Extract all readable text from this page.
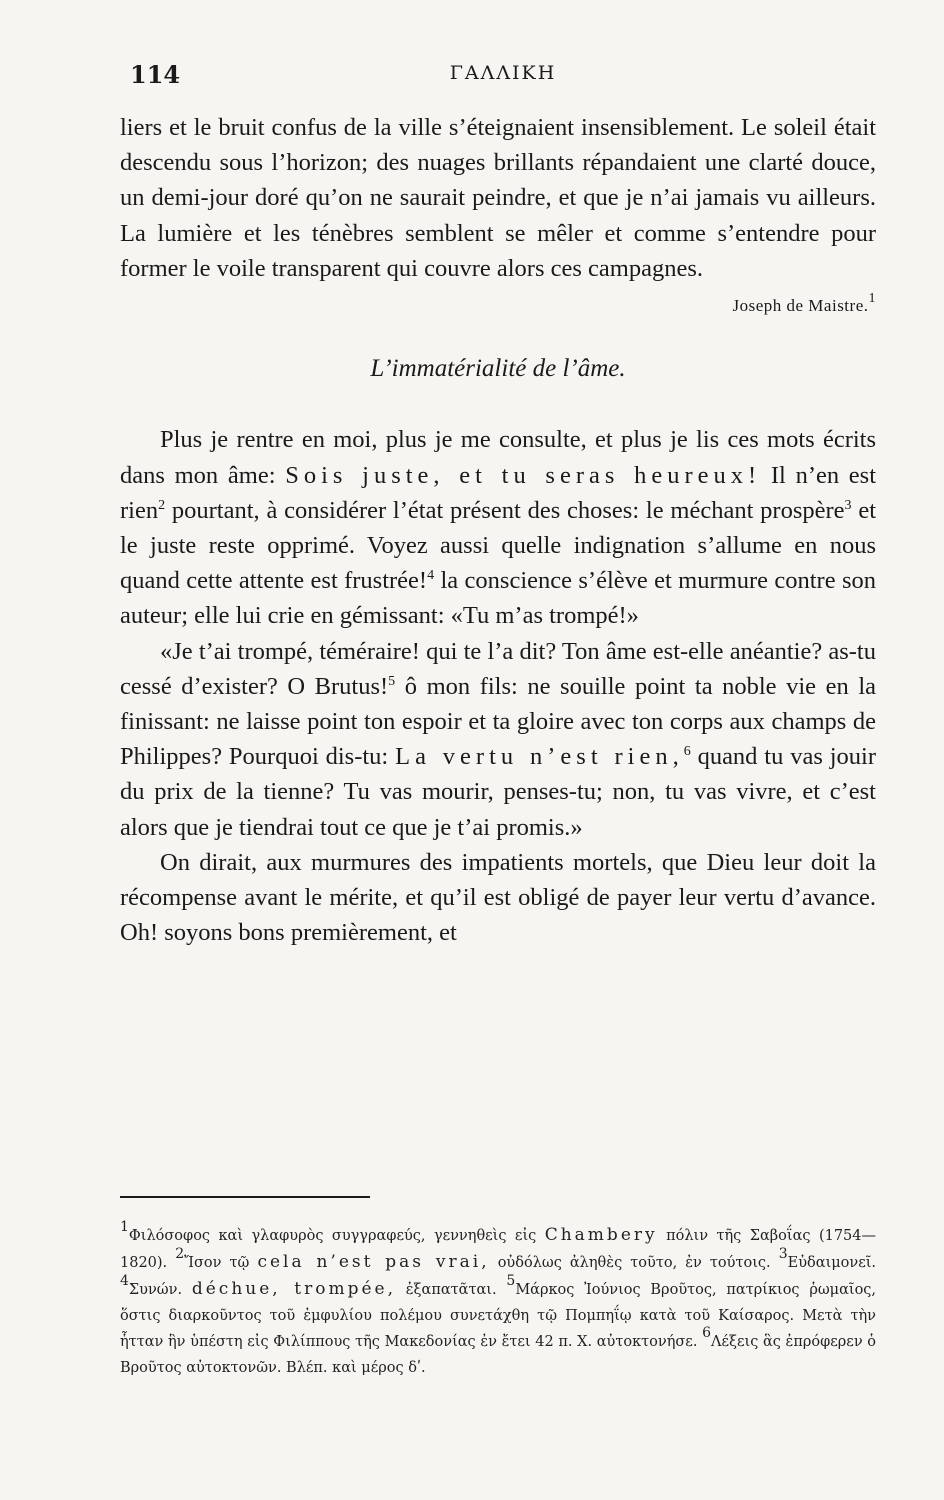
114	ΓΑΛΛΙΚΗ

liers et le bruit confus de la ville s’éteignaient insensiblement. Le soleil était descendu sous l’horizon; des nuages brillants répandaient une clarté douce, un demi-jour doré qu’on ne saurait peindre, et que je n’ai jamais vu ailleurs. La lumière et les ténèbres semblent se mêler et comme s’entendre pour former le voile transparent qui couvre alors ces campagnes.

Joseph de Maistre.$^1$

L’immatérialité de l’âme.

Plus je rentre en moi, plus je me consulte, et plus je lis ces mots écrits dans mon âme: Sois juste, et tu seras heureux! Il n’en est rien$^2$ pourtant, à considérer l’état présent des choses: le méchant prospère$^3$ et le juste reste opprimé. Voyez aussi quelle indignation s’allume en nous quand cette attente est frustrée!$^4$ la conscience s’élève et murmure contre son auteur; elle lui crie en gémissant: «Tu m’as trompé!»

«Je t’ai trompé, téméraire! qui te l’a dit? Ton âme est-elle anéantie? as-tu cessé d’exister? O Brutus!$^5$ ô mon fils: ne souille point ta noble vie en la finissant: ne laisse point ton espoir et ta gloire avec ton corps aux champs de Philippes? Pourquoi dis-tu: La vertu n’est rien,$^6$ quand tu vas jouir du prix de la tienne? Tu vas mourir, penses-tu; non, tu vas vivre, et c’est alors que je tiendrai tout ce que je t’ai promis.»

On dirait, aux murmures des impatients mortels, que Dieu leur doit la récompense avant le mérite, et qu’il est obligé de payer leur vertu d’avance. Oh! soyons bons premièrement, et

$^1$Φιλόσοφος καὶ γλαφυρὸς συγγραφεύς, γεννηθεὶς εἰς Chambery πόλιν τῆς Σαβοΐας (1754—1820). $^2$Ἴσον τῷ cela n’est pas vrai, οὐδόλως ἀληθὲς τοῦτο, ἐν τούτοις. $^3$Εὐδαιμονεῖ. $^4$Συνών. déchue, trompée, ἐξαπατᾶται. $^5$Μάρκος Ἰούνιος Βροῦτος, πατρίκιος ῥωμαῖος, ὅστις διαρκοῦντος τοῦ ἐμφυλίου πολέμου συνετάχθη τῷ Πομπηΐῳ κατὰ τοῦ Καίσαρος. Μετὰ τὴν ἧτταν ἣν ὑπέστη εἰς Φιλίππους τῆς Μακεδονίας ἐν ἔτει 42 π. Χ. αὐτοκτονήσε. $^6$Λέξεις ἃς ἐπρόφερεν ὁ Βροῦτος αὐτοκτονῶν. Βλέπ. καὶ μέρος δʹ.
